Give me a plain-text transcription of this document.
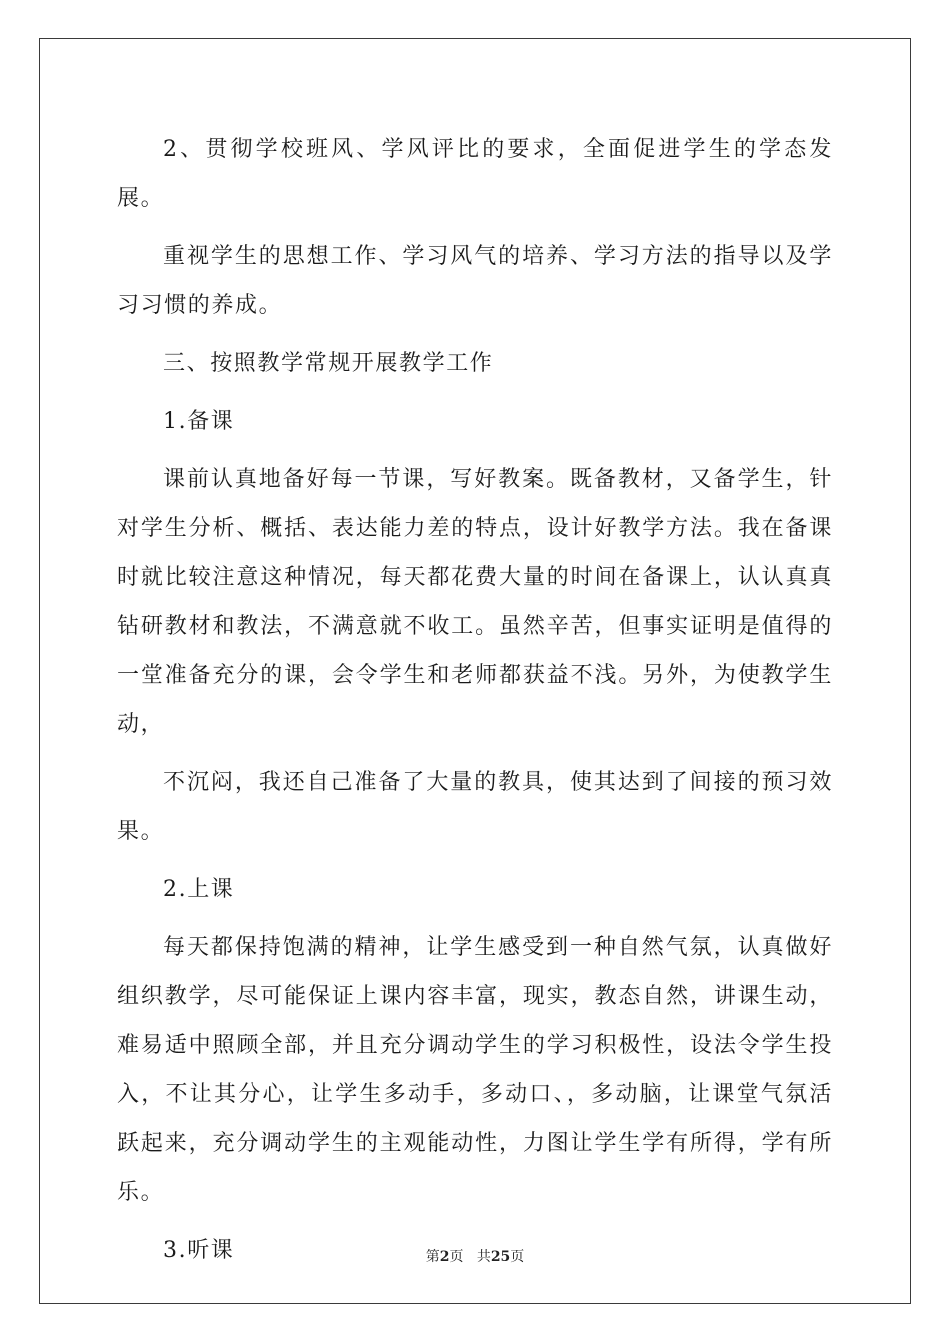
2、贯彻学校班风、学风评比的要求，全面促进学生的学态发展。

重视学生的思想工作、学习风气的培养、学习方法的指导以及学习习惯的养成。

三、按照教学常规开展教学工作

1.备课

课前认真地备好每一节课，写好教案。既备教材，又备学生，针对学生分析、概括、表达能力差的特点，设计好教学方法。我在备课时就比较注意这种情况，每天都花费大量的时间在备课上，认认真真钻研教材和教法，不满意就不收工。虽然辛苦，但事实证明是值得的一堂准备充分的课，会令学生和老师都获益不浅。另外，为使教学生动，

不沉闷，我还自己准备了大量的教具，使其达到了间接的预习效果。

2.上课

每天都保持饱满的精神，让学生感受到一种自然气氛，认真做好组织教学，尽可能保证上课内容丰富，现实，教态自然，讲课生动，难易适中照顾全部，并且充分调动学生的学习积极性，设法令学生投入，不让其分心，让学生多动手，多动口、，多动脑，让课堂气氛活跃起来，充分调动学生的主观能动性，力图让学生学有所得，学有所乐。

3.听课	第2页 共25页
